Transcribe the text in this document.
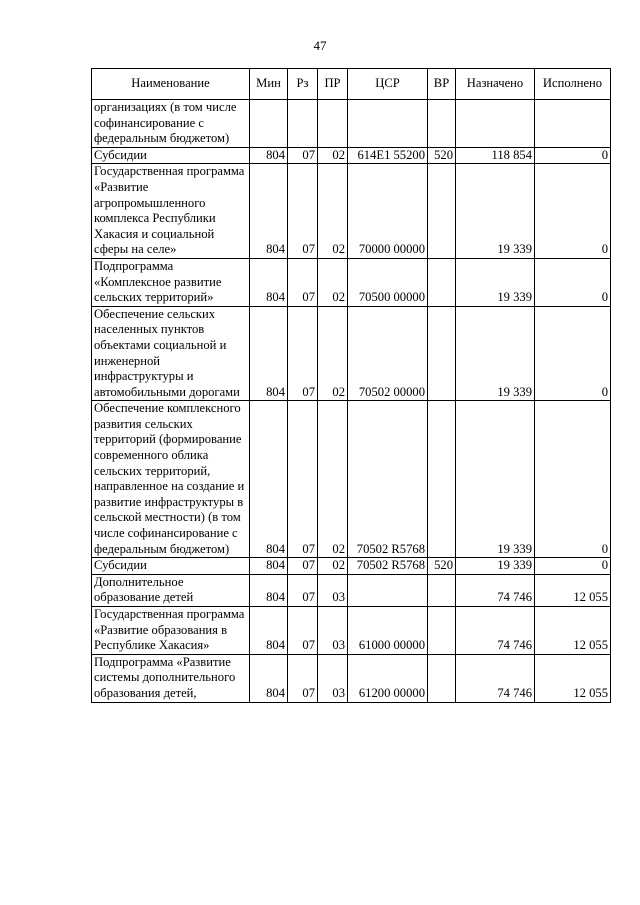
47
Наименование	Мин	Рз	ПР	ЦСР	ВР	Назначено	Исполнено
организациях (в том числе софинансирование с федеральным бюджетом)							
Субсидии	804	07	02	614Е1 55200	520	118 854	0
Государственная программа «Развитие агропромышленного комплекса Республики Хакасия и социальной сферы на селе»	804	07	02	70000 00000		19 339	0
Подпрограмма «Комплексное развитие сельских территорий»	804	07	02	70500 00000		19 339	0
Обеспечение сельских населенных пунктов объектами социальной и инженерной инфраструктуры и автомобильными дорогами	804	07	02	70502 00000		19 339	0
Обеспечение комплексного развития сельских территорий (формирование современного облика сельских территорий, направленное на создание и развитие инфраструктуры в сельской местности) (в том числе софинансирование с федеральным бюджетом)	804	07	02	70502 R5768		19 339	0
Субсидии	804	07	02	70502 R5768	520	19 339	0
Дополнительное образование детей	804	07	03			74 746	12 055
Государственная программа «Развитие образования в Республике Хакасия»	804	07	03	61000 00000		74 746	12 055
Подпрограмма «Развитие системы дополнительного образования детей,	804	07	03	61200 00000		74 746	12 055
